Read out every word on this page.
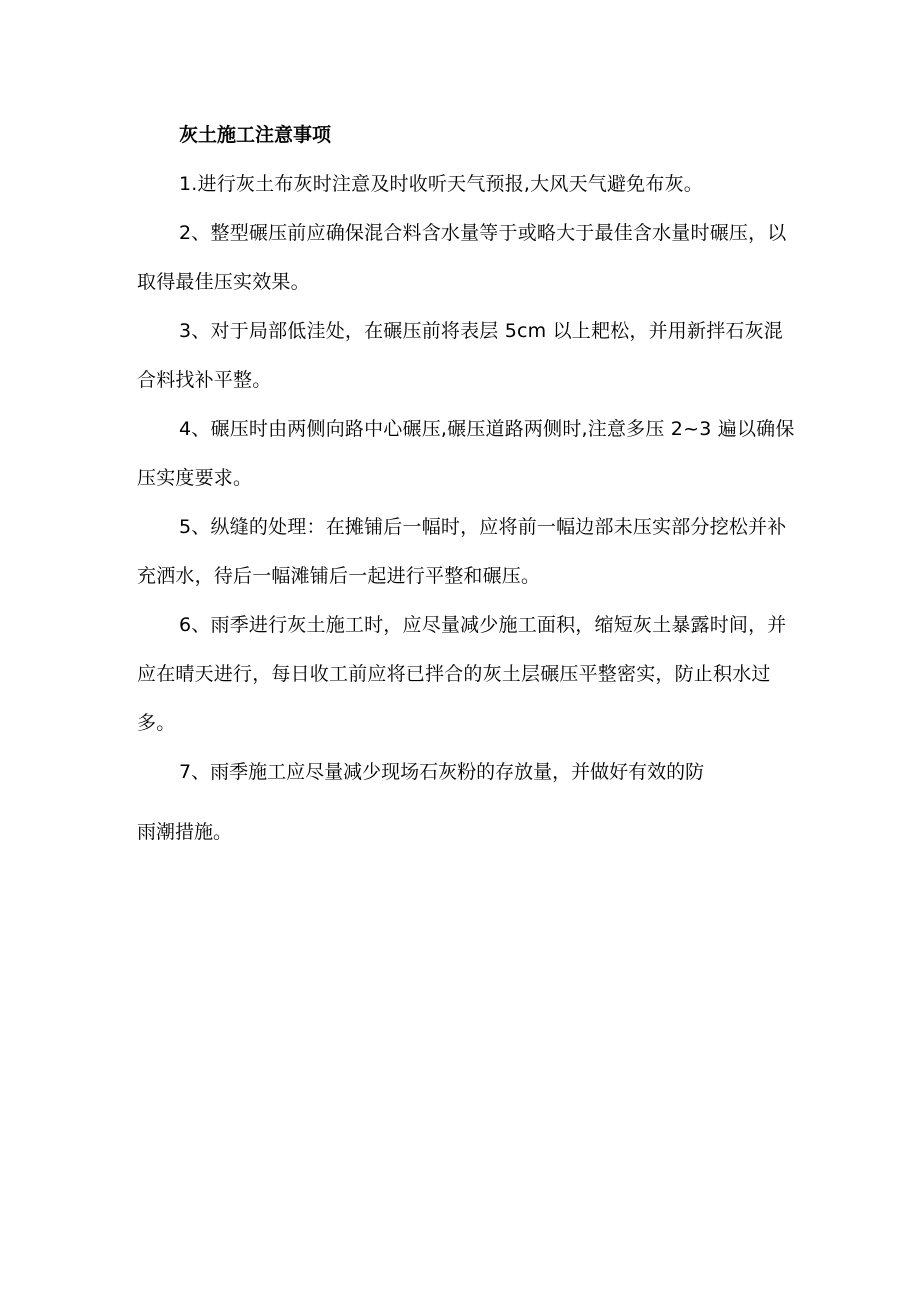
灰土施工注意事项
1.进行灰土布灰时注意及时收听天气预报,大风天气避免布灰。
2、整型碾压前应确保混合料含水量等于或略大于最佳含水量时碾压，以取得最佳压实效果。
3、对于局部低洼处，在碾压前将表层 5cm 以上耙松，并用新拌石灰混合料找补平整。
4、碾压时由两侧向路中心碾压,碾压道路两侧时,注意多压 2~3 遍以确保压实度要求。
5、纵缝的处理：在摊铺后一幅时，应将前一幅边部未压实部分挖松并补充洒水，待后一幅滩铺后一起进行平整和碾压。
6、雨季进行灰土施工时，应尽量减少施工面积，缩短灰土暴露时间，并应在晴天进行，每日收工前应将已拌合的灰土层碾压平整密实，防止积水过多。
7、雨季施工应尽量减少现场石灰粉的存放量，并做好有效的防
雨潮措施。
